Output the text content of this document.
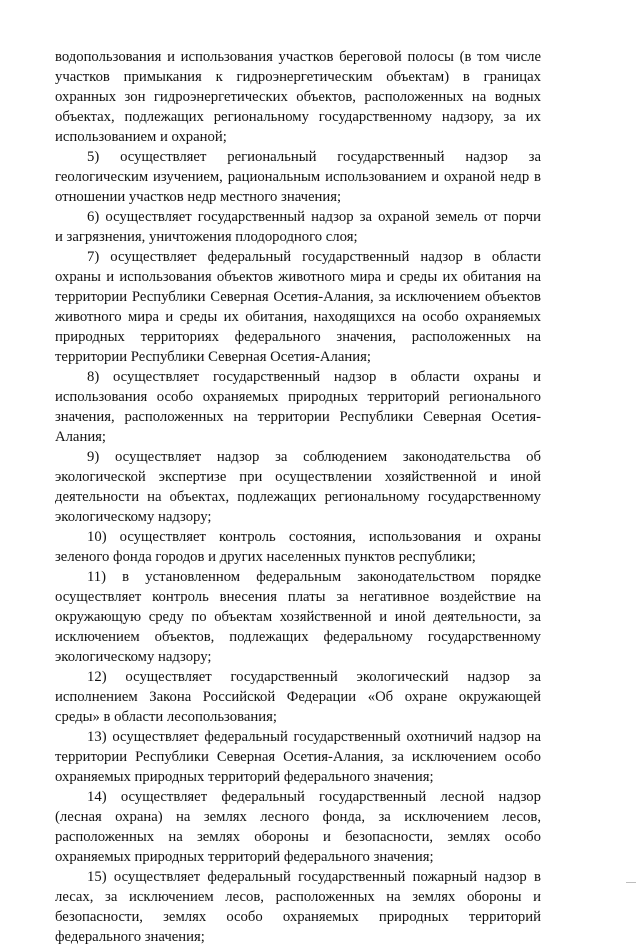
водопользования и использования участков береговой полосы (в том числе
участков примыкания к гидроэнергетическим объектам) в границах
охранных зон гидроэнергетических объектов, расположенных на водных
объектах, подлежащих региональному государственному надзору, за их
использованием и охраной;
5) осуществляет региональный государственный надзор за
геологическим изучением, рациональным использованием и охраной недр в
отношении участков недр местного значения;
6) осуществляет государственный надзор за охраной земель от порчи
и загрязнения, уничтожения плодородного слоя;
7) осуществляет федеральный государственный надзор в области
охраны и использования объектов животного мира и среды их обитания на
территории Республики Северная Осетия-Алания, за исключением объектов
животного мира и среды их обитания, находящихся на особо охраняемых
природных территориях федерального значения, расположенных на
территории Республики Северная Осетия-Алания;
8) осуществляет государственный надзор в области охраны и
использования особо охраняемых природных территорий регионального
значения, расположенных на территории Республики Северная Осетия-
Алания;
9) осуществляет надзор за соблюдением законодательства об
экологической экспертизе при осуществлении хозяйственной и иной
деятельности на объектах, подлежащих региональному государственному
экологическому надзору;
10) осуществляет контроль состояния, использования и охраны
зеленого фонда городов и других населенных пунктов республики;
11) в установленном федеральным законодательством порядке
осуществляет контроль внесения платы за негативное воздействие на
окружающую среду по объектам хозяйственной и иной деятельности, за
исключением объектов, подлежащих федеральному государственному
экологическому надзору;
12) осуществляет государственный экологический надзор за
исполнением Закона Российской Федерации «Об охране окружающей
среды» в области лесопользования;
13) осуществляет федеральный государственный охотничий надзор на
территории Республики Северная Осетия-Алания, за исключением особо
охраняемых природных территорий федерального значения;
14) осуществляет федеральный государственный лесной надзор
(лесная охрана) на землях лесного фонда, за исключением лесов,
расположенных на землях обороны и безопасности, землях особо
охраняемых природных территорий федерального значения;
15) осуществляет федеральный государственный пожарный надзор в
лесах, за исключением лесов, расположенных на землях обороны и
безопасности, землях особо охраняемых природных территорий
федерального значения;
